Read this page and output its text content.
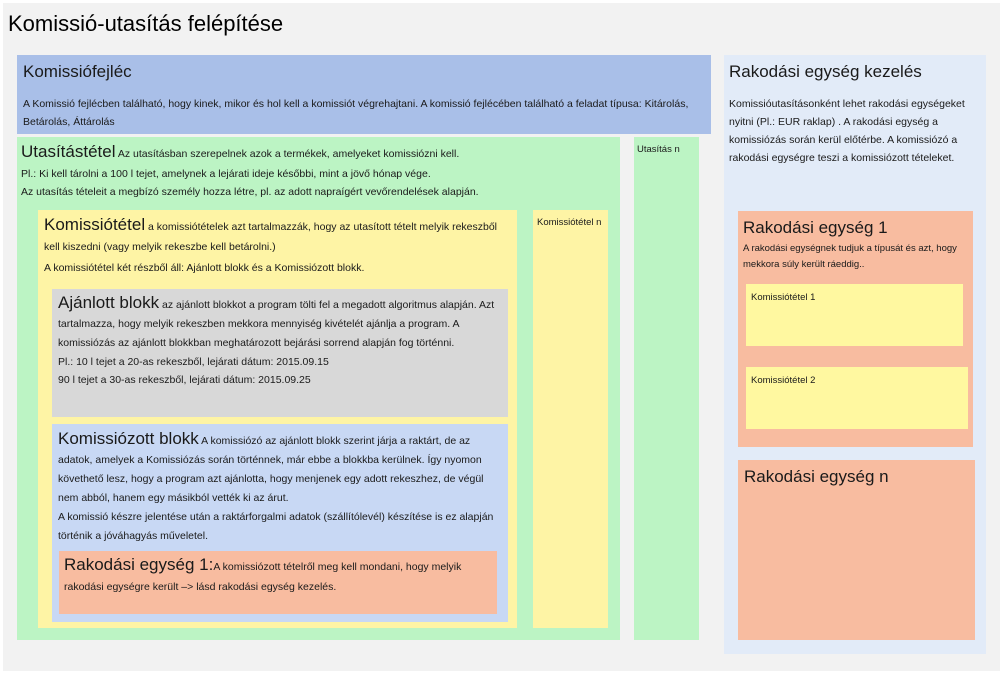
Komissió-utasítás felépítése
Komissiófejléc

A Komissió fejlécben található, hogy kinek, mikor és hol kell a komissiót végrehajtani. A komissió fejlécében található a feladat típusa: Kitárolás, Betárolás, Áttárolás

Utasítástétel Az utasításban szerepelnek azok a termékek, amelyeket komissiózni kell.

Pl.: Ki kell tárolni a 100 l tejet, amelynek a lejárati ideje későbbi, mint a jövő hónap vége.

Az utasítás tételeit a megbízó személy hozza létre, pl. az adott napraígért vevőrendelések alapján.

Utasítás n

Komissiótétel a komissiótételek azt tartalmazzák, hogy az utasított tételt melyik rekeszből kell kiszedni (vagy melyik rekeszbe kell betárolni.)

A komissiótétel két részből áll: Ajánlott blokk és a Komissiózott blokk.

Komissiótétel n

Ajánlott blokk az ajánlott blokkot a program tölti fel a megadott algoritmus alapján. Azt tartalmazza, hogy melyik rekeszben mekkora mennyiség kivételét ajánlja a program. A komissiózás az ajánlott blokkban meghatározott bejárási sorrend alapján fog történni.

Pl.: 10 l tejet a 20-as rekeszből, lejárati dátum: 2015.09.15

90 l tejet a 30-as rekeszből, lejárati dátum: 2015.09.25

Komissiózott blokk A komissiózó az ajánlott blokk szerint járja a raktárt, de az adatok, amelyek a Komissiózás során történnek, már ebbe a blokkba kerülnek. Így nyomon követhető lesz, hogy a program azt ajánlotta, hogy menjenek egy adott rekeszhez, de végül nem abból, hanem egy másikból vették ki az árut.

A komissió készre jelentése után a raktárforgalmi adatok (szállítólevél) készítése is ez alapján történik a jóváhagyás műveletel.

Rakodási egység 1:A komissiózott tételről meg kell mondani, hogy melyik rakodási egységre került –> lásd rakodási egység kezelés.

Rakodási egység kezelés

Komissióutasításonként lehet rakodási egységeket nyitni (Pl.: EUR raklap) . A rakodási egység a komissiózás során kerül előtérbe. A komissiózó a rakodási egységre teszi a komissiózott tételeket.

Rakodási egység 1

A rakodási egységnek tudjuk a típusát és azt, hogy mekkora súly került ráeddig..

Komissiótétel 1

Komissiótétel 2

Rakodási egység n
